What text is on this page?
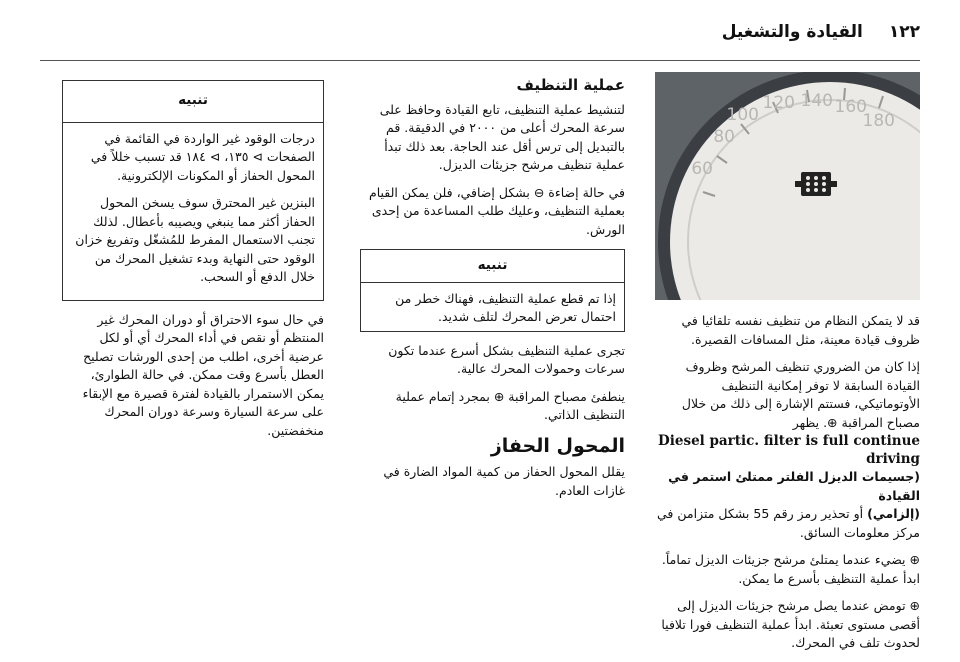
١٢٢
القيادة والتشغيل
60
80
100
120 140 160
180

قد لا يتمكن النظام من تنظيف نفسه تلقائيا في ظروف قيادة معينة، مثل المسافات القصيرة.

إذا كان من الضروري تنظيف المرشح وظروف القيادة السابقة لا توفر إمكانية التنظيف الأوتوماتيكي، فستتم الإشارة إلى ذلك من خلال مصباح المراقبة ⊕. يظهر

Diesel partic. filter is full continue driving
(جسيمات الديزل الفلتر ممتلئ استمر في القيادة

(إلزامي) أو تحذير رمز رقم 55 بشكل متزامن في مركز معلومات السائق.

⊕ يضيء عندما يمتلئ مرشح جزيئات الديزل تماماً. ابدأ عملية التنظيف بأسرع ما يمكن.

⊕ تومض عندما يصل مرشح جزيئات الديزل إلى أقصى مستوى تعبئة. ابدأ عملية التنظيف فورا تلافيا لحدوث تلف في المحرك.

عملية التنظيف

لتنشيط عملية التنظيف، تابع القيادة وحافظ على سرعة المحرك أعلى من ٢٠٠٠ في الدقيقة. قم بالتبديل إلى ترس أقل عند الحاجة. بعد ذلك تبدأ عملية تنظيف مرشح جزيئات الديزل.

في حالة إضاءة ⊖ بشكل إضافي، فلن يمكن القيام بعملية التنظيف، وعليك طلب المساعدة من إحدى الورش.

تنبيه
إذا تم قطع عملية التنظيف، فهناك خطر من احتمال تعرض المحرك لتلف شديد.

تجرى عملية التنظيف بشكل أسرع عندما تكون سرعات وحمولات المحرك عالية.

ينطفئ مصباح المراقبة ⊕ بمجرد إتمام عملية التنظيف الذاتي.

المحول الحفاز

يقلل المحول الحفاز من كمية المواد الضارة في غازات العادم.

تنبيه

درجات الوقود غير الواردة في القائمة في الصفحات ⊳ ١٣٥، ⊳ ١٨٤ قد تسبب خللاً في المحول الحفاز أو المكونات الإلكترونية.

البنزين غير المحترق سوف يسخن المحول الحفاز أكثر مما ينبغي ويصيبه بأعطال. لذلك تجنب الاستعمال المفرط للمُشغّل وتفريغ خزان الوقود حتى النهاية وبدء تشغيل المحرك من خلال الدفع أو السحب.

في حال سوء الاحتراق أو دوران المحرك غير المنتظم أو نقص في أداء المحرك أي أو لكل عرضية أخرى، اطلب من إحدى الورشات تصليح العطل بأسرع وقت ممكن. في حالة الطوارئ، يمكن الاستمرار بالقيادة لفترة قصيرة مع الإبقاء على سرعة السيارة وسرعة دوران المحرك منخفضتين.
